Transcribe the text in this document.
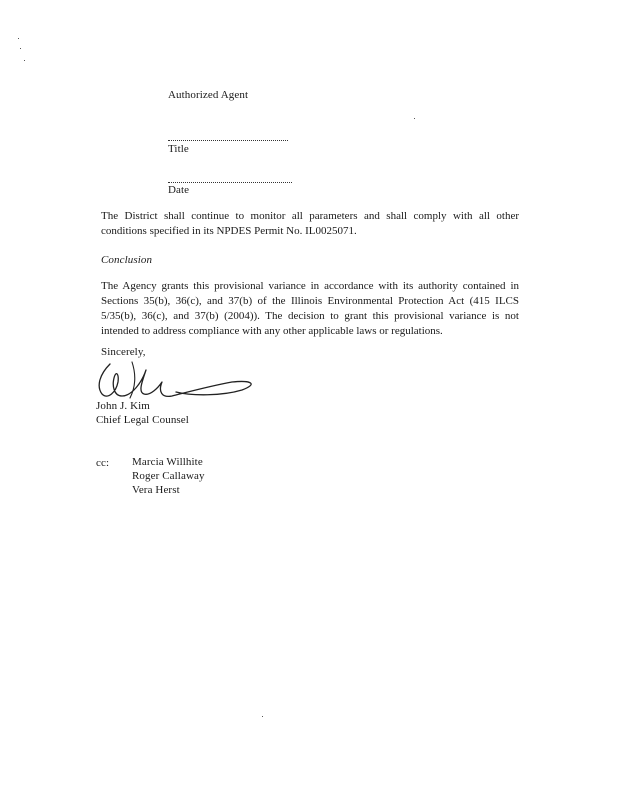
Authorized Agent
Title
Date
The District shall continue to monitor all parameters and shall comply with all other conditions specified in its NPDES Permit No. IL0025071.
Conclusion
The Agency grants this provisional variance in accordance with its authority contained in Sections 35(b), 36(c), and 37(b) of the Illinois Environmental Protection Act (415 ILCS 5/35(b), 36(c), and 37(b) (2004)). The decision to grant this provisional variance is not intended to address compliance with any other applicable laws or regulations.
Sincerely,
John J. Kim
Chief Legal Counsel
cc: Marcia Willhite
Roger Callaway
Vera Herst
